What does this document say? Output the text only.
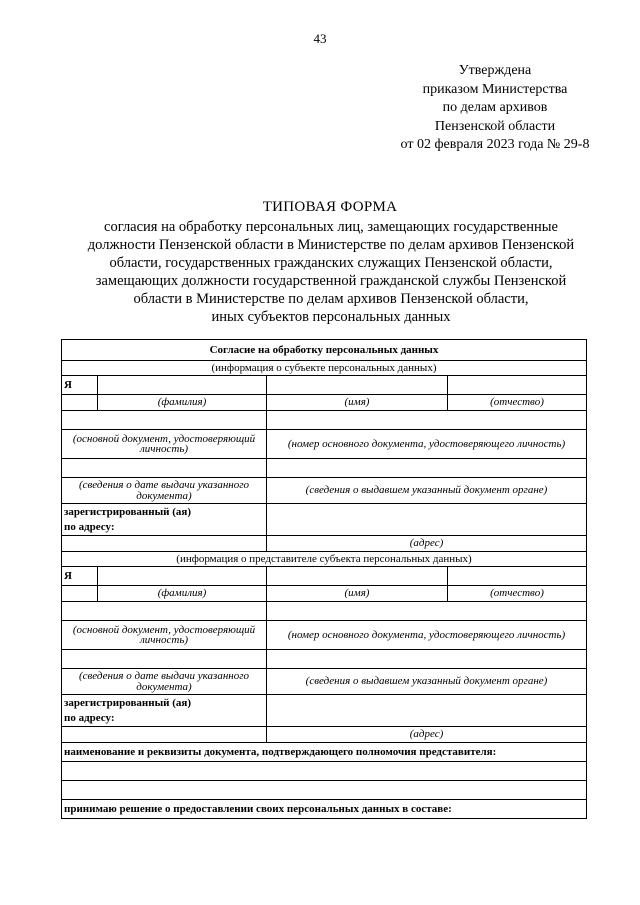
43
Утверждена
приказом Министерства
по делам архивов
Пензенской области
от 02 февраля 2023 года № 29-8
ТИПОВАЯ ФОРМА
согласия на обработку персональных лиц, замещающих государственные
должности Пензенской области в Министерстве по делам архивов Пензенской
области, государственных гражданских служащих Пензенской области,
замещающих должности государственной гражданской службы Пензенской
области в Министерстве по делам архивов Пензенской области,
иных субъектов персональных данных
Согласие на обработку персональных данных			
(информация о субъекте персональных данных)			
Я			
	(фамилия)	(имя)	(отчество)

(основной документ, удостоверяющий личность)		(номер основного документа, удостоверяющего личность)	

(сведения о дате выдачи указанного документа)		(сведения о выдавшем указанный документ органе)	

зарегистрированный (ая)
по адресу:			

		(адрес)	
(информация о представителе субъекта персональных данных)			
Я			
	(фамилия)	(имя)	(отчество)

(основной документ, удостоверяющий личность)		(номер основного документа, удостоверяющего личность)	

(сведения о дате выдачи указанного документа)		(сведения о выдавшем указанный документ органе)	

зарегистрированный (ая)
по адресу:			

		(адрес)	
наименование и реквизиты документа, подтверждающего полномочия представителя:			

принимаю решение о предоставлении своих персональных данных в составе:			
